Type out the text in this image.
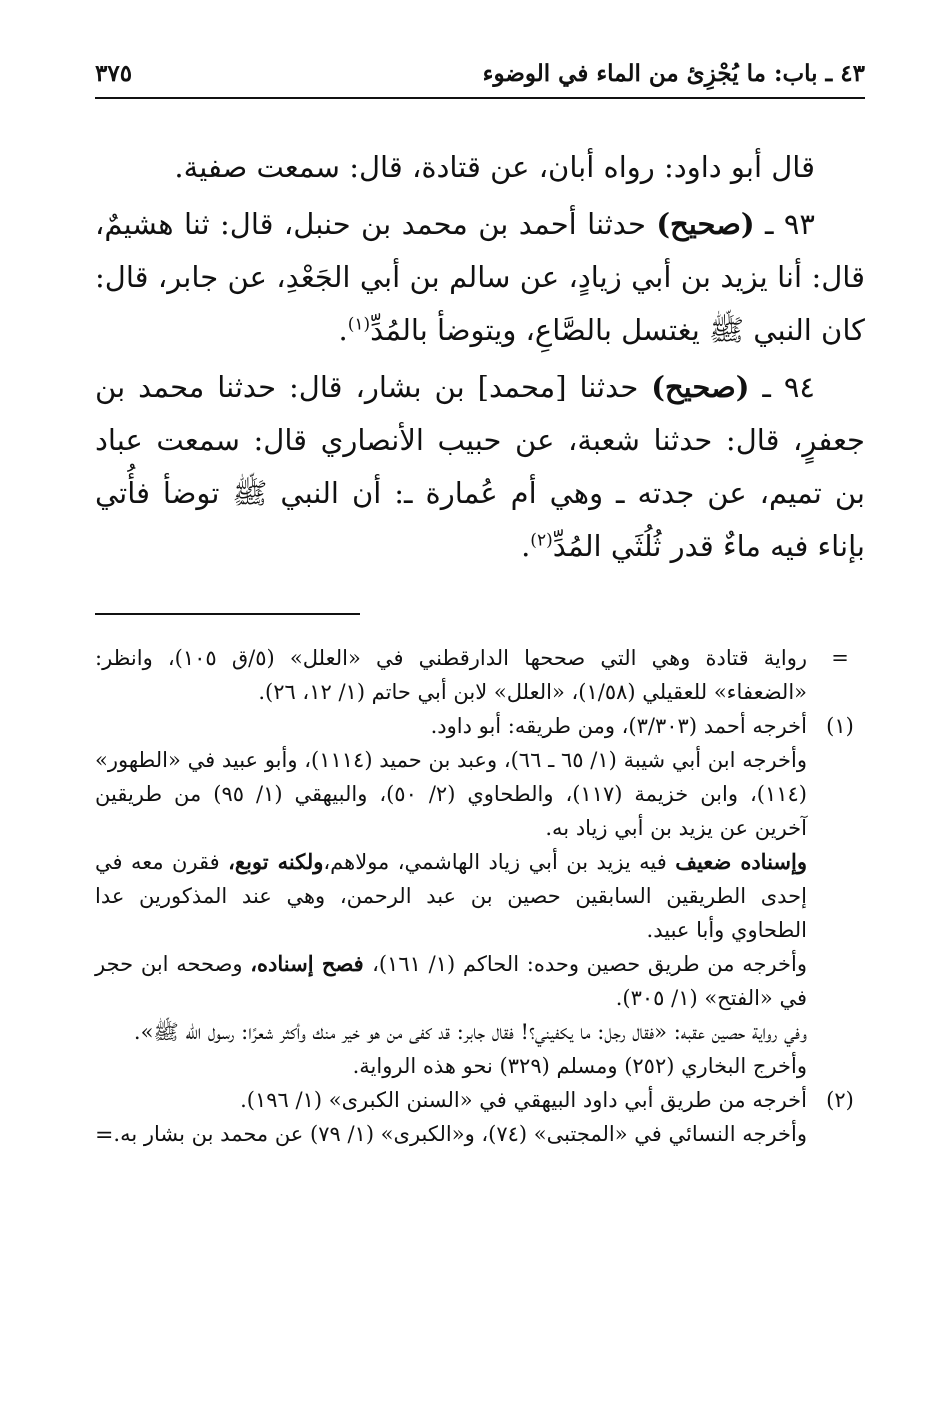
٤٣ ـ باب: ما يُجْزِئ من الماء في الوضوء
٣٧٥

قال أبو داود: رواه أبان، عن قتادة، قال: سمعت صفية.

٩٣ ـ (صحيح) حدثنا أحمد بن محمد بن حنبل، قال: ثنا هشيمٌ، قال: أنا يزيد بن أبي زيادٍ، عن سالم بن أبي الجَعْدِ، عن جابر، قال: كان النبي ﷺ يغتسل بالصَّاعِ، ويتوضأ بالمُدِّ$^{(١)}$.

٩٤ ـ (صحيح) حدثنا [محمد] بن بشار، قال: حدثنا محمد بن جعفرٍ، قال: حدثنا شعبة، عن حبيب الأنصاري قال: سمعت عباد بن تميم، عن جدته ـ وهي أم عُمارة ـ: أن النبي ﷺ توضأ فأُتي بإناء فيه ماءٌ قدر ثُلُثَي المُدِّ$^{(٢)}$.

=

رواية قتادة وهي التي صححها الدارقطني في «العلل» (٥/ق ١٠٥)، وانظر: «الضعفاء» للعقيلي (١/٥٨)، «العلل» لابن أبي حاتم (١/ ١٢، ٢٦).

(١)

أخرجه أحمد (٣/٣٠٣)، ومن طريقه: أبو داود.

وأخرجه ابن أبي شيبة (١/ ٦٥ ـ ٦٦)، وعبد بن حميد (١١١٤)، وأبو عبيد في «الطهور» (١١٤)، وابن خزيمة (١١٧)، والطحاوي (٢/ ٥٠)، والبيهقي (١/ ٩٥) من طريقين آخرين عن يزيد بن أبي زياد به.

وإسناده ضعيف فيه يزيد بن أبي زياد الهاشمي، مولاهم،ولكنه توبع، فقرن معه في إحدى الطريقين السابقين حصين بن عبد الرحمن، وهي عند المذكورين عدا الطحاوي وأبا عبيد.

وأخرجه من طريق حصين وحده: الحاكم (١/ ١٦١)، فصح إسناده، وصححه ابن حجر في «الفتح» (١/ ٣٠٥).

وفي رواية حصين عقبه: «فقال رجل: ما يكفيني؟! فقال جابر: قد كفى من هو خير منك وأكثر شعرًا: رسول الله ﷺ».

وأخرج البخاري (٢٥٢) ومسلم (٣٢٩) نحو هذه الرواية.

(٢)

أخرجه من طريق أبي داود البيهقي في «السنن الكبرى» (١/ ١٩٦).

وأخرجه النسائي في «المجتبى» (٧٤)، و«الكبرى» (١/ ٧٩) عن محمد بن بشار به.

=
